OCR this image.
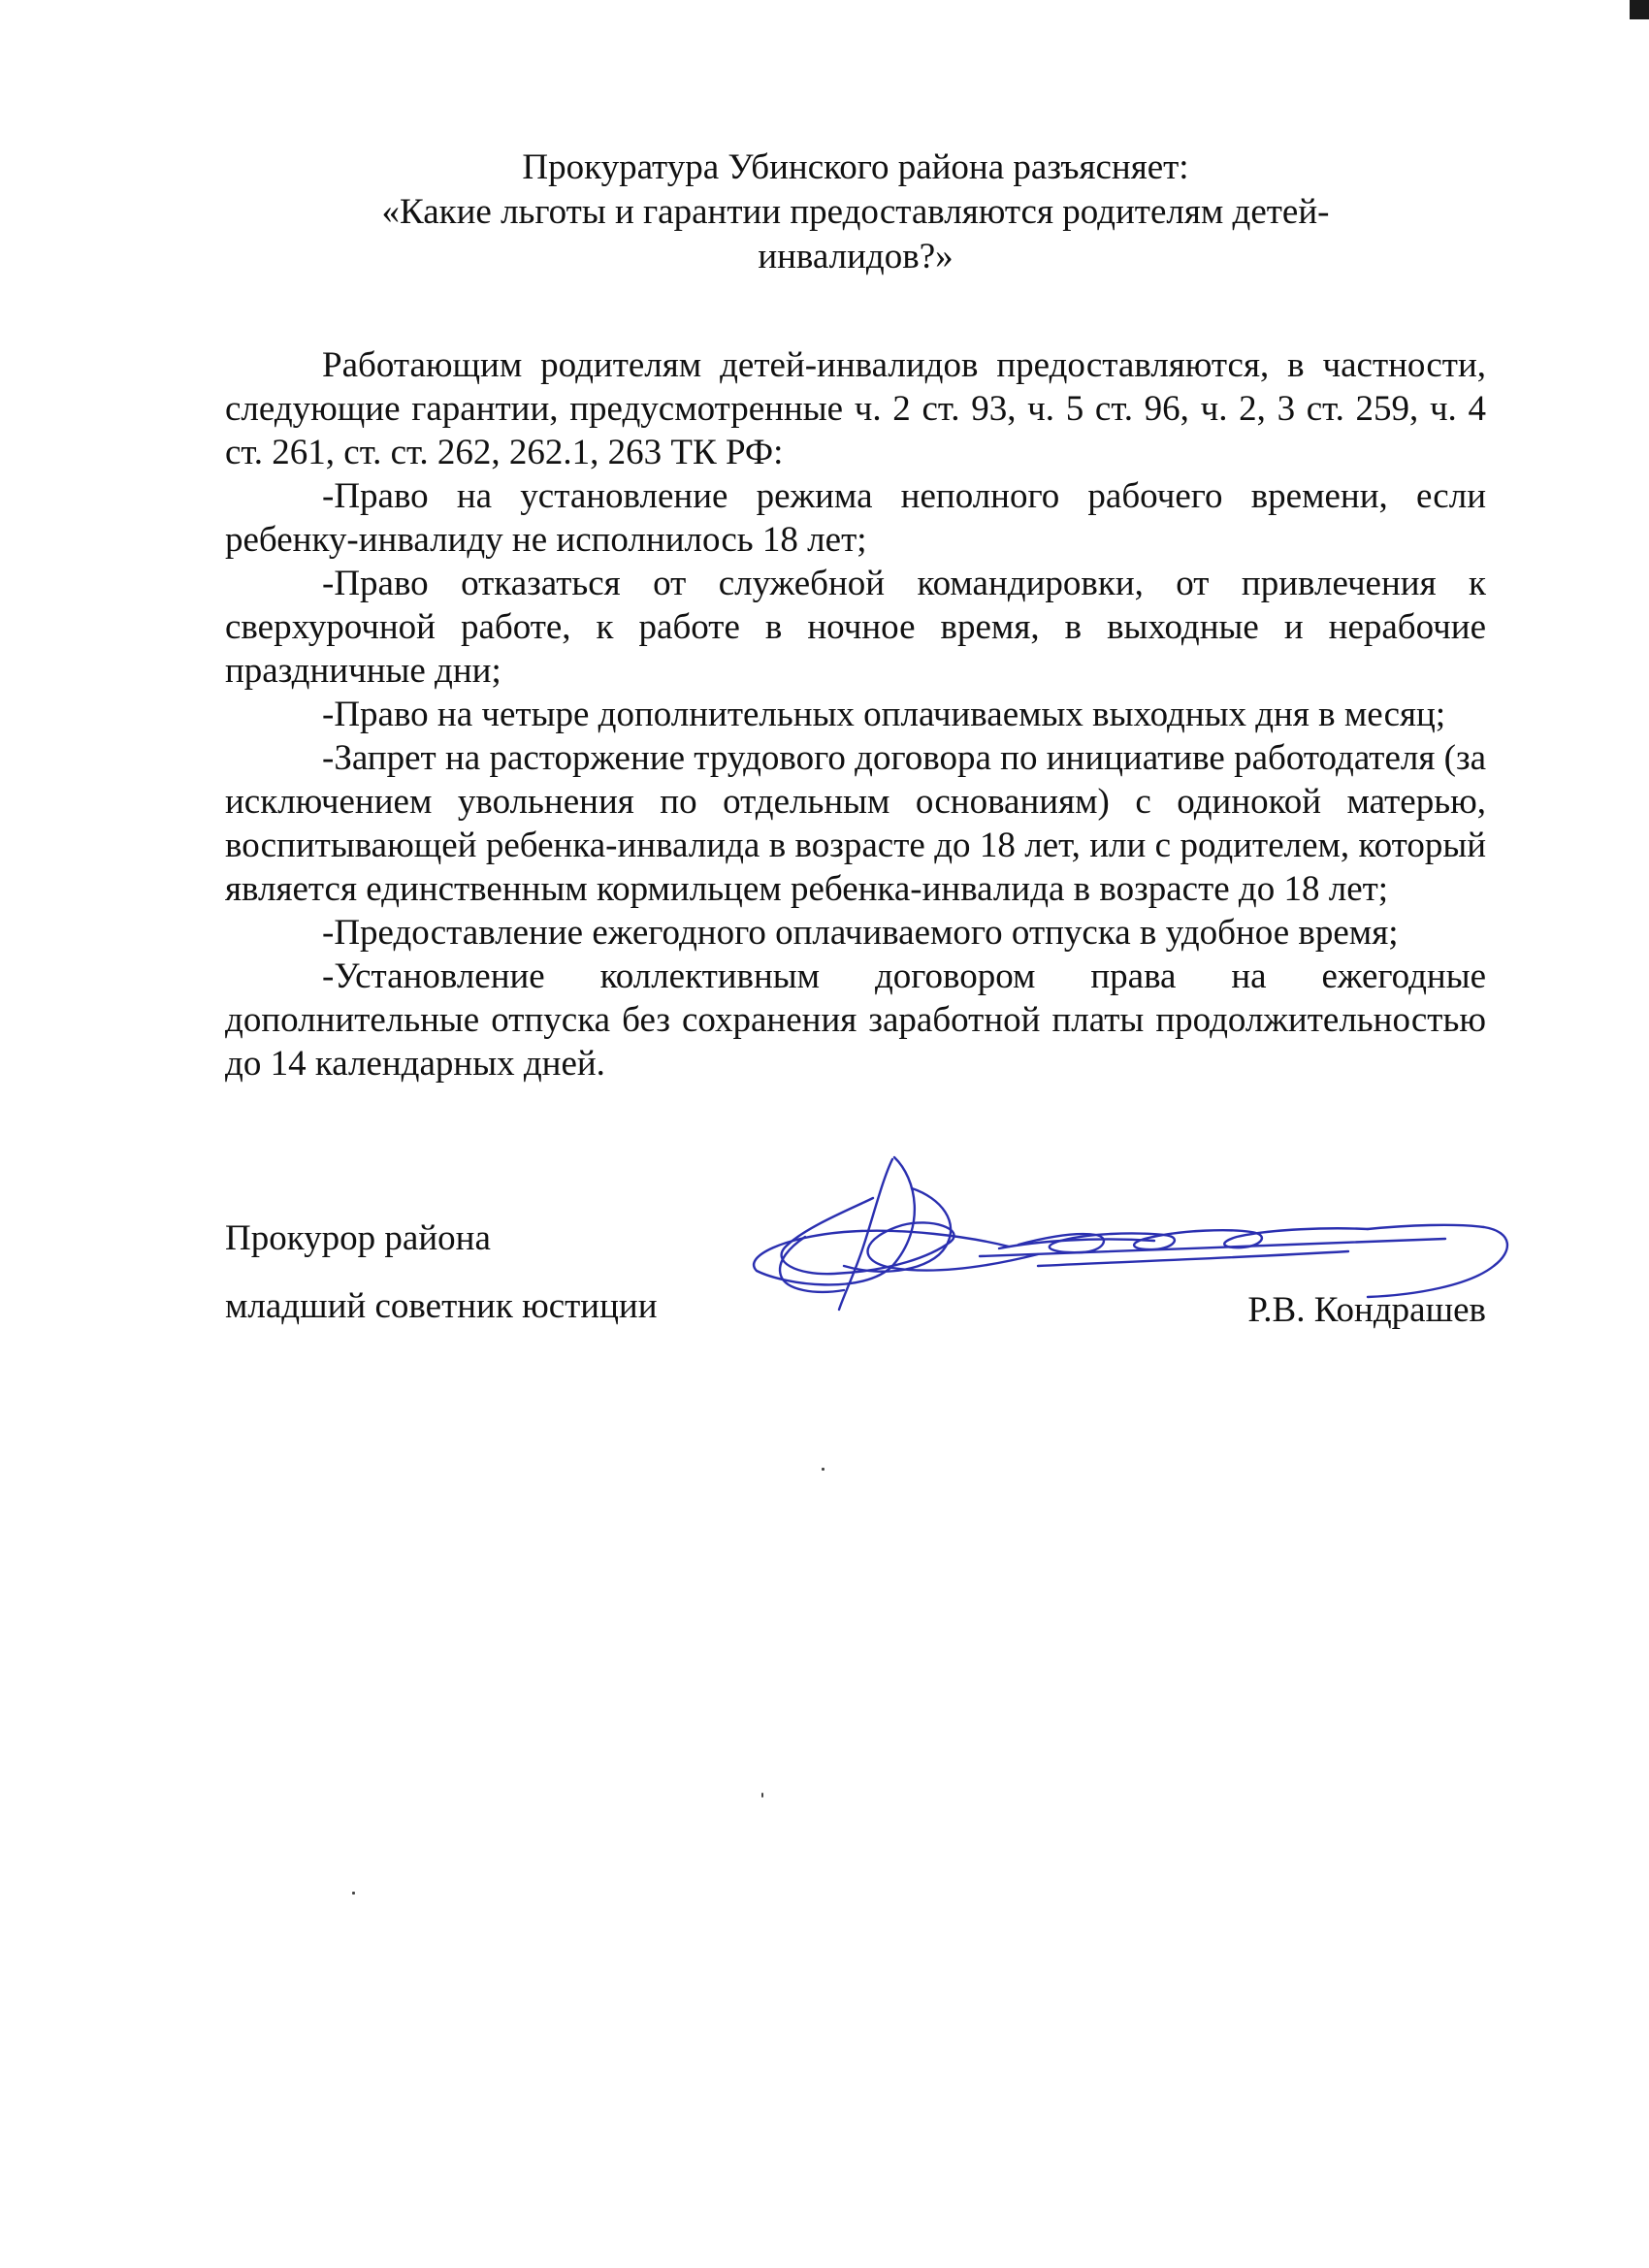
Прокуратура Убинского района разъясняет:
«Какие льготы и гарантии предоставляются родителям детей-
инвалидов?»

Работающим родителям детей-инвалидов предоставляются, в частности, следующие гарантии, предусмотренные ч. 2 ст. 93, ч. 5 ст. 96, ч. 2, 3 ст. 259, ч. 4 ст. 261, ст. ст. 262, 262.1, 263 ТК РФ:

-Право на установление режима неполного рабочего времени, если ребенку-инвалиду не исполнилось 18 лет;

-Право отказаться от служебной командировки, от привлечения к сверхурочной работе, к работе в ночное время, в выходные и нерабочие праздничные дни;

-Право на четыре дополнительных оплачиваемых выходных дня в месяц;

-Запрет на расторжение трудового договора по инициативе работодателя (за исключением увольнения по отдельным основаниям) с одинокой матерью, воспитывающей ребенка-инвалида в возрасте до 18 лет, или с родителем, который является единственным кормильцем ребенка-инвалида в возрасте до 18 лет;

-Предоставление ежегодного оплачиваемого отпуска в удобное время;

-Установление коллективным договором права на ежегодные дополнительные отпуска без сохранения заработной платы продолжительностью до 14 календарных дней.

Прокурор района

младший советник юстиции	Р.В. Кондрашев
